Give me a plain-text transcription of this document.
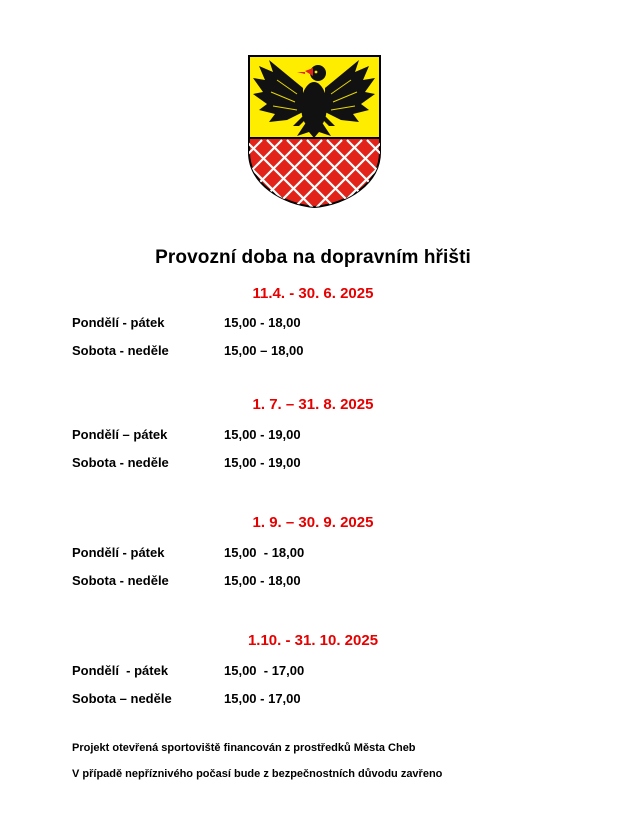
Provozní doba na dopravním hřišti
11.4. - 30. 6. 2025

Pondělí - pátek

	15,00 - 18,00

Sobota - neděle

	15,00 – 18,00

1. 7. – 31. 8. 2025

Pondělí – pátek

	15,00 - 19,00

Sobota - neděle

	15,00 - 19,00

1. 9. – 30. 9. 2025

Pondělí - pátek

	15,00  - 18,00

Sobota - neděle

	15,00 - 18,00

1.10. - 31. 10. 2025

Pondělí  - pátek

	15,00  - 17,00

Sobota – neděle

	15,00 - 17,00

Projekt otevřená sportoviště financován z prostředků Města Cheb
V případě nepříznivého počasí bude z bezpečnostních důvodu zavřeno
